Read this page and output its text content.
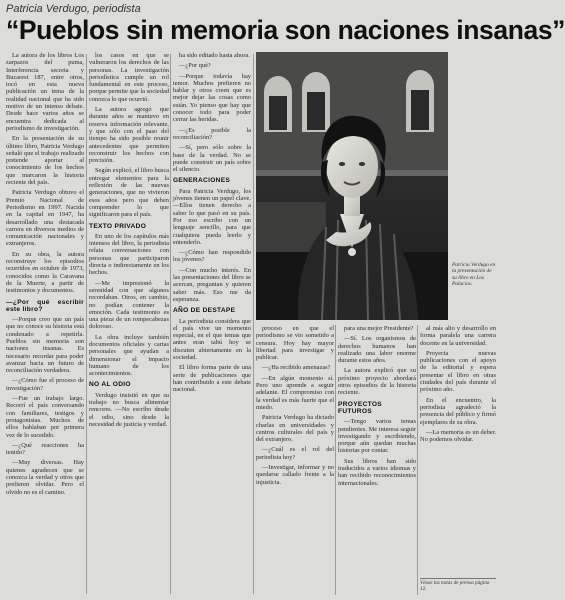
Patricia Verdugo, periodista
“Pueblos sin memoria son naciones insanas”

La autora de los libros Los zarpazos del puma, Interferencia secreta y Bucarest 187, entre otros, tocó en esta nueva publicación un tema de la realidad nacional que ha sido motivo de un intenso debate. Desde hace varios años se encuentra dedicada al periodismo de investigación.

En la presentación de su último libro, Patricia Verdugo señaló que el trabajo realizado pretende aportar al conocimiento de los hechos que marcaron la historia reciente del país.

Patricia Verdugo obtuvo el Premio Nacional de Periodismo en 1997. Nacida en la capital en 1947, ha desarrollado una destacada carrera en diversos medios de comunicación nacionales y extranjeros.

En su obra, la autora reconstruye los episodios ocurridos en octubre de 1973, conocidos como la Caravana de la Muerte, a partir de testimonios y documentos.

—¿Por qué escribir este libro?

—Porque creo que un país que no conoce su historia está condenado a repetirla. Pueblos sin memoria son naciones insanas. Es necesario recordar para poder avanzar hacia un futuro de reconciliación verdadera.

—¿Cómo fue el proceso de investigación?

—Fue un trabajo largo. Recorrí el país conversando con familiares, testigos y protagonistas. Muchos de ellos hablaban por primera vez de lo sucedido.

—¿Qué reacciones ha tenido?

—Muy diversas. Hay quienes agradecen que se conozca la verdad y otros que prefieren olvidar. Pero el olvido no es el camino.

los casos en que se vulneraron los derechos de las personas. La investigación periodística cumple un rol fundamental en este proceso, porque permite que la sociedad conozca lo que ocurrió.

La autora agregó que durante años se mantuvo en reserva información relevante, y que sólo con el paso del tiempo ha sido posible reunir antecedentes que permiten reconstruir los hechos con precisión.

Según explicó, el libro busca entregar elementos para la reflexión de las nuevas generaciones, que no vivieron esos años pero que deben comprender lo que significaron para el país.

TEXTO PRIVADO

En uno de los capítulos más intensos del libro, la periodista relata conversaciones con personas que participaron directa o indirectamente en los hechos.

—Me impresionó la serenidad con que algunos recordaban. Otros, en cambio, no podían contener la emoción. Cada testimonio es una pieza de un rompecabezas doloroso.

La obra incluye también documentos oficiales y cartas personales que ayudan a dimensionar el impacto humano de los acontecimientos.

NO AL ODIO

Verdugo insistió en que su trabajo no busca alimentar rencores. —No escribo desde el odio, sino desde la necesidad de justicia y verdad.

ha sido editado hasta ahora.

—¿Por qué?

—Porque todavía hay temor. Muchos prefieren no hablar y otros creen que es mejor dejar las cosas como están. Yo pienso que hay que conocer todo para poder cerrar las heridas.

—¿Es posible la reconciliación?

—Sí, pero sólo sobre la base de la verdad. No se puede construir un país sobre el silencio.

GENERACIONES

Para Patricia Verdugo, los jóvenes tienen un papel clave. —Ellos tienen derecho a saber lo que pasó en su país. Por eso escribo con un lenguaje sencillo, para que cualquiera pueda leerlo y entenderlo.

—¿Cómo han respondido los jóvenes?

—Con mucho interés. En las presentaciones del libro se acercan, preguntan y quieren saber más. Eso me da esperanza.

AÑO DE DESTAPE

La periodista considera que el país vive un momento especial, en el que temas que antes eran tabú hoy se discuten abiertamente en la sociedad.

El libro forma parte de una serie de publicaciones que han contribuido a este debate nacional.

Patricia Verdugo en la presentación de su libro en Los Palacios.

proceso en que el periodismo se vio sometido a censura. Hoy hay mayor libertad para investigar y publicar.

—¿Ha recibido amenazas?

—En algún momento sí. Pero uno aprende a seguir adelante. El compromiso con la verdad es más fuerte que el miedo.

Patricia Verdugo ha dictado charlas en universidades y centros culturales del país y del extranjero.

—¿Cuál es el rol del periodista hoy?

—Investigar, informar y no quedarse callado frente a la injusticia.

para una mejor Presidente?

—Sí. Los organismos de derechos humanos han realizado una labor enorme durante estos años.

La autora explicó que su próximo proyecto abordará otros episodios de la historia reciente.

PROYECTOS FUTUROS

—Tengo varios temas pendientes. Me interesa seguir investigando y escribiendo, porque aún quedan muchas historias por contar.

Sus libros han sido traducidos a varios idiomas y han recibido reconocimientos internacionales.

al más alto y desarrollo en forma paralela una carrera docente en la universidad.

Proyecta nuevas publicaciones con el apoyo de la editorial y espera presentar el libro en otras ciudades del país durante el próximo año.

En el encuentro, la periodista agradeció la presencia del público y firmó ejemplares de su obra.

—La memoria es un deber. No podemos olvidar.

Véase las notas de prensa página 12.
